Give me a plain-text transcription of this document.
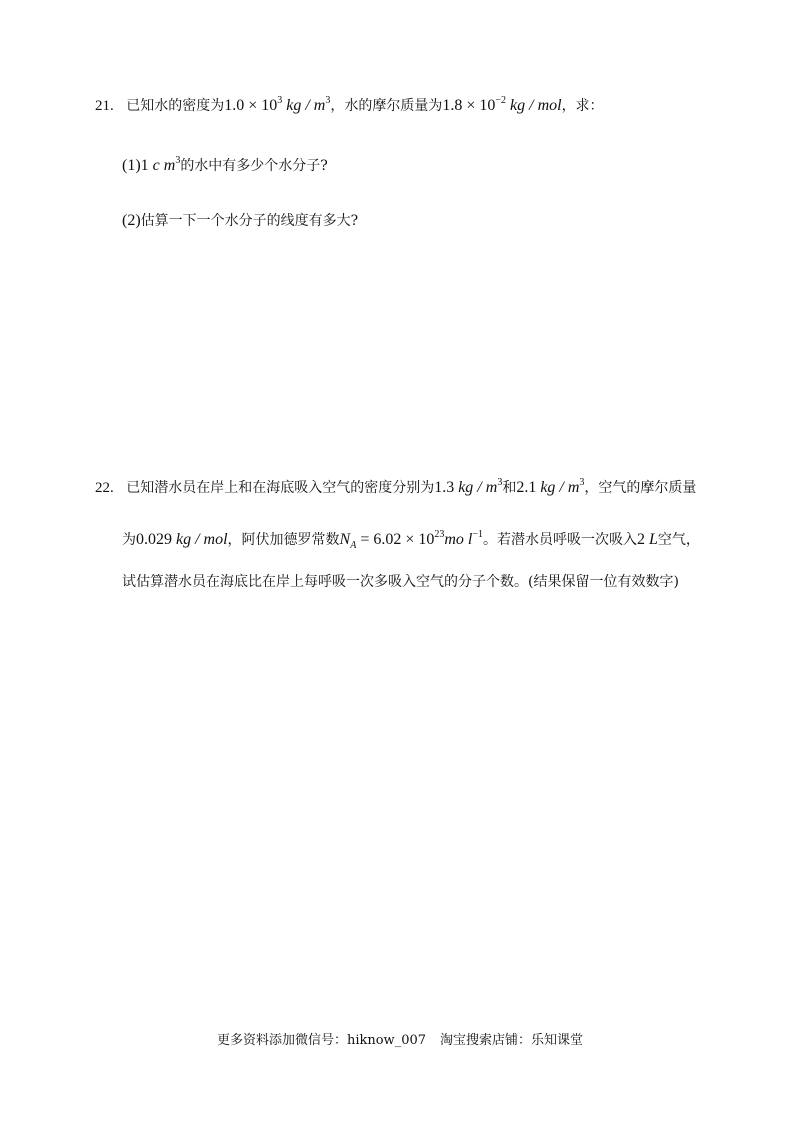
21. 已知水的密度为$1.0 \times 10^3$ kg / $m^3$，水的摩尔质量为$1.8 \times 10^{-2}$ kg / mol，求：
(1)1 c $m^3$的水中有多少个水分子?
(2)估算一下一个水分子的线度有多大?
22. 已知潜水员在岸上和在海底吸入空气的密度分别为1.3 kg / $m^3$和2.1 kg / $m^3$，空气的摩尔质量
为0.029 kg / mol，阿伏加德罗常数$N_A = 6.02 \times 10^{23}mo$ $l^{-1}$。若潜水员呼吸一次吸入2 L空气，
试估算潜水员在海底比在岸上每呼吸一次多吸入空气的分子个数。(结果保留一位有效数字)
更多资料添加微信号：hiknow_007 淘宝搜索店铺：乐知课堂
